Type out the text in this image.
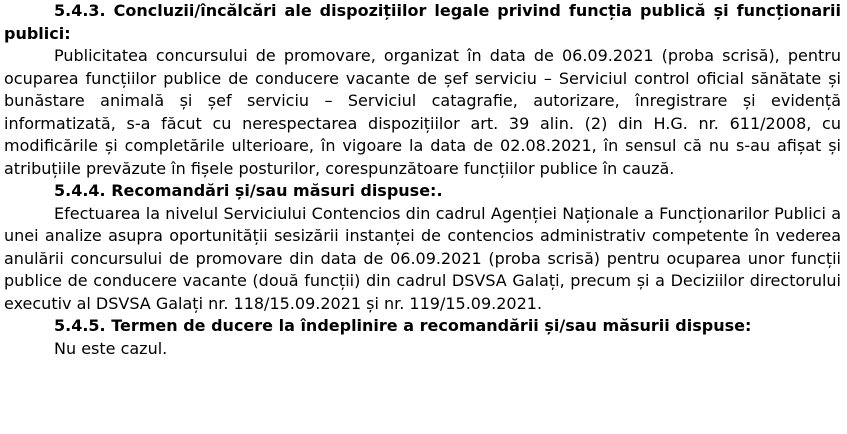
5.4.3. Concluzii/încălcări ale dispozițiilor legale privind funcția publică și funcționarii publici:

Publicitatea concursului de promovare, organizat în data de 06.09.2021 (proba scrisă), pentru ocuparea funcțiilor publice de conducere vacante de șef serviciu – Serviciul control oficial sănătate și bunăstare animală și șef serviciu – Serviciul catagrafie, autorizare, înregistrare și evidență informatizată, s-a făcut cu nerespectarea dispozițiilor art. 39 alin. (2) din H.G. nr. 611/2008, cu modificările și completările ulterioare, în vigoare la data de 02.08.2021, în sensul că nu s-au afișat și atribuțiile prevăzute în fișele posturilor, corespunzătoare funcțiilor publice în cauză.

5.4.4. Recomandări și/sau măsuri dispuse:.

Efectuarea la nivelul Serviciului Contencios din cadrul Agenției Naționale a Funcționarilor Publici a unei analize asupra oportunității sesizării instanței de contencios administrativ competente în vederea anulării concursului de promovare din data de 06.09.2021 (proba scrisă) pentru ocuparea unor funcții publice de conducere vacante (două funcții) din cadrul DSVSA Galați, precum și a Deciziilor directorului executiv al DSVSA Galați nr. 118/15.09.2021 și nr. 119/15.09.2021.

5.4.5. Termen de ducere la îndeplinire a recomandării și/sau măsurii dispuse:

Nu este cazul.
